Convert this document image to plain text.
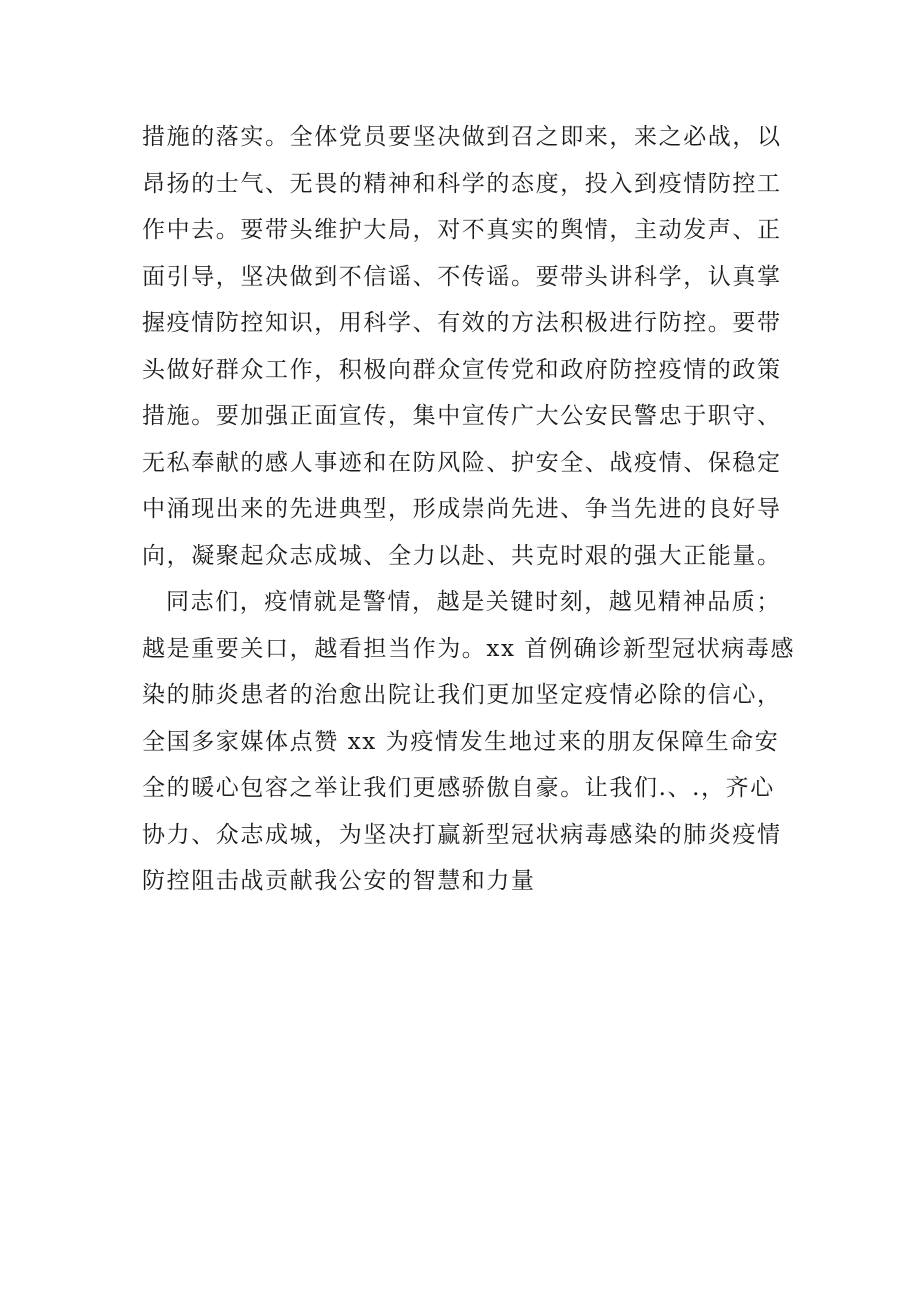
措施的落实。全体党员要坚决做到召之即来，来之必战，以
昂扬的士气、无畏的精神和科学的态度，投入到疫情防控工
作中去。要带头维护大局，对不真实的舆情，主动发声、正
面引导，坚决做到不信谣、不传谣。要带头讲科学，认真掌
握疫情防控知识，用科学、有效的方法积极进行防控。要带
头做好群众工作，积极向群众宣传党和政府防控疫情的政策
措施。要加强正面宣传，集中宣传广大公安民警忠于职守、
无私奉献的感人事迹和在防风险、护安全、战疫情、保稳定
中涌现出来的先进典型，形成崇尚先进、争当先进的良好导
向，凝聚起众志成城、全力以赴、共克时艰的强大正能量。
同志们，疫情就是警情，越是关键时刻，越见精神品质；
越是重要关口，越看担当作为。xx 首例确诊新型冠状病毒感
染的肺炎患者的治愈出院让我们更加坚定疫情必除的信心，
全国多家媒体点赞 xx 为疫情发生地过来的朋友保障生命安
全的暖心包容之举让我们更感骄傲自豪。让我们.、.，齐心
协力、众志成城，为坚决打赢新型冠状病毒感染的肺炎疫情
防控阻击战贡献我公安的智慧和力量
